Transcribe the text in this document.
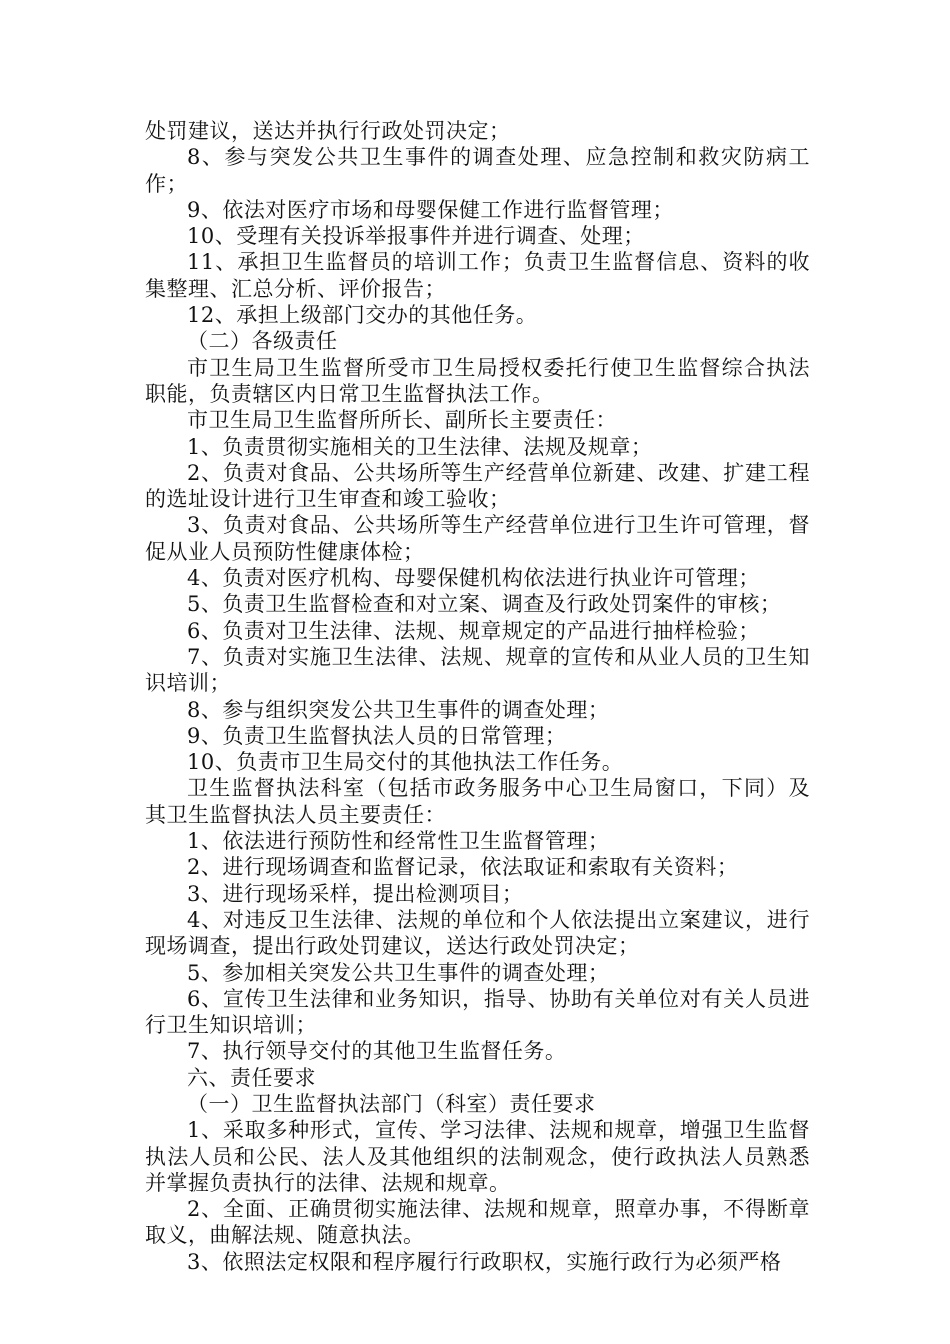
处罚建议，送达并执行行政处罚决定；

8、参与突发公共卫生事件的调查处理、应急控制和救灾防病工作；

9、依法对医疗市场和母婴保健工作进行监督管理；

10、受理有关投诉举报事件并进行调查、处理；

11、承担卫生监督员的培训工作；负责卫生监督信息、资料的收集整理、汇总分析、评价报告；

12、承担上级部门交办的其他任务。

（二）各级责任

市卫生局卫生监督所受市卫生局授权委托行使卫生监督综合执法职能，负责辖区内日常卫生监督执法工作。

市卫生局卫生监督所所长、副所长主要责任：

1、负责贯彻实施相关的卫生法律、法规及规章；

2、负责对食品、公共场所等生产经营单位新建、改建、扩建工程的选址设计进行卫生审查和竣工验收；

3、负责对食品、公共场所等生产经营单位进行卫生许可管理，督促从业人员预防性健康体检；

4、负责对医疗机构、母婴保健机构依法进行执业许可管理；

5、负责卫生监督检查和对立案、调查及行政处罚案件的审核；

6、负责对卫生法律、法规、规章规定的产品进行抽样检验；

7、负责对实施卫生法律、法规、规章的宣传和从业人员的卫生知识培训；

8、参与组织突发公共卫生事件的调查处理；

9、负责卫生监督执法人员的日常管理；

10、负责市卫生局交付的其他执法工作任务。

卫生监督执法科室（包括市政务服务中心卫生局窗口，下同）及其卫生监督执法人员主要责任：

1、依法进行预防性和经常性卫生监督管理；

2、进行现场调查和监督记录，依法取证和索取有关资料；

3、进行现场采样，提出检测项目；

4、对违反卫生法律、法规的单位和个人依法提出立案建议，进行现场调查，提出行政处罚建议，送达行政处罚决定；

5、参加相关突发公共卫生事件的调查处理；

6、宣传卫生法律和业务知识，指导、协助有关单位对有关人员进行卫生知识培训；

7、执行领导交付的其他卫生监督任务。

六、责任要求

（一）卫生监督执法部门（科室）责任要求

1、采取多种形式，宣传、学习法律、法规和规章，增强卫生监督执法人员和公民、法人及其他组织的法制观念，使行政执法人员熟悉并掌握负责执行的法律、法规和规章。

2、全面、正确贯彻实施法律、法规和规章，照章办事，不得断章取义，曲解法规、随意执法。

3、依照法定权限和程序履行行政职权，实施行政行为必须严格
